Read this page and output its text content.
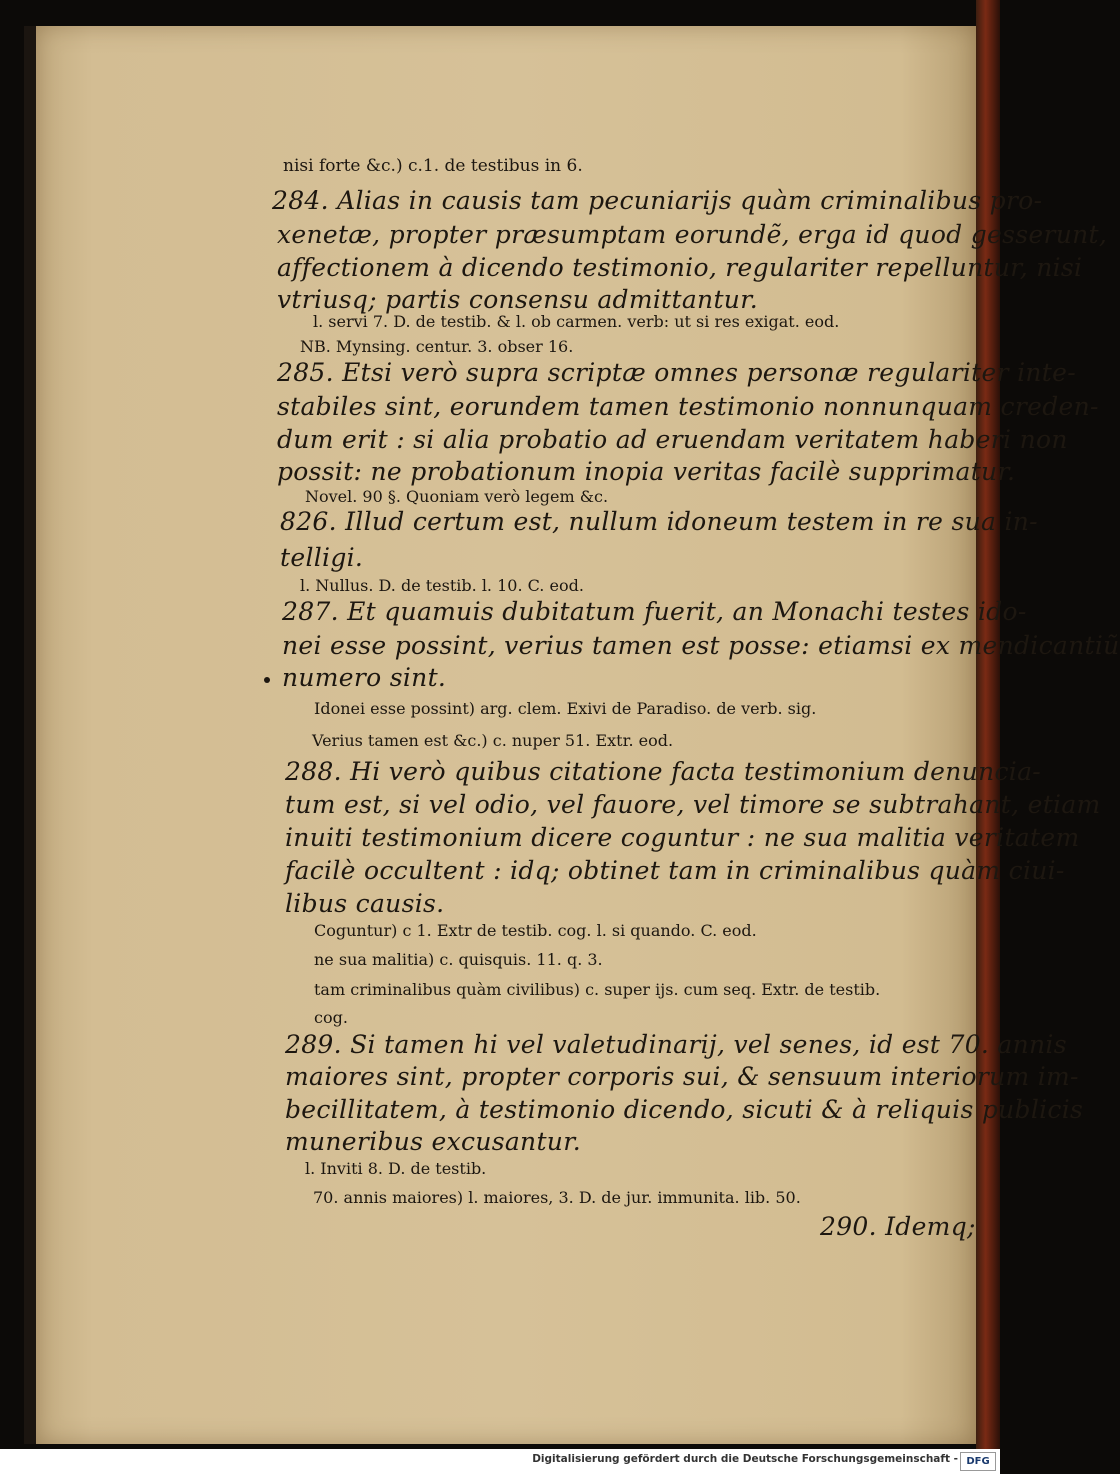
nisi forte &c.) c.1. de testibus in 6.
284. Alias in causis tam pecuniarijs quàm criminalibus pro-
xenetæ, propter præsumptam eorundẽ, erga id quod gesserunt,
affectionem à dicendo testimonio, regulariter repelluntur, nisi
vtriusq; partis consensu admittantur.
l. servi 7. D. de testib. & l. ob carmen. verb: ut si res exigat. eod.
NB. Mynsing. centur. 3. obser 16.
285. Etsi verò supra scriptæ omnes personæ regulariter inte-
stabiles sint, eorundem tamen testimonio nonnunquam creden-
dum erit : si alia probatio ad eruendam veritatem haberi non
possit: ne probationum inopia veritas facilè supprimatur.
Novel. 90 §. Quoniam verò legem &c.
826. Illud certum est, nullum idoneum testem in re sua in-
telligi.
l. Nullus. D. de testib. l. 10. C. eod.
287. Et quamuis dubitatum fuerit, an Monachi testes ido-
nei esse possint, verius tamen est posse: etiamsi ex mendicantiũ
numero sint.
Idonei esse possint) arg. clem. Exivi de Paradiso. de verb. sig.
Verius tamen est &c.) c. nuper 51. Extr. eod.
288. Hi verò quibus citatione facta testimonium denuncia-
tum est, si vel odio, vel fauore, vel timore se subtrahant, etiam
inuiti testimonium dicere coguntur : ne sua malitia veritatem
facilè occultent : idq; obtinet tam in criminalibus quàm ciui-
libus causis.
Coguntur) c 1. Extr de testib. cog. l. si quando. C. eod.
ne sua malitia) c. quisquis. 11. q. 3.
tam criminalibus quàm civilibus) c. super ijs. cum seq. Extr. de testib.
cog.
289. Si tamen hi vel valetudinarij, vel senes, id est 70. annis
maiores sint, propter corporis sui, & sensuum interiorum im-
becillitatem, à testimonio dicendo, sicuti & à reliquis publicis
muneribus excusantur.
l. Inviti 8. D. de testib.
70. annis maiores) l. maiores, 3. D. de jur. immunita. lib. 50.
290. Idemq;
Digitalisierung gefördert durch die Deutsche Forschungsgemeinschaft - DFG
